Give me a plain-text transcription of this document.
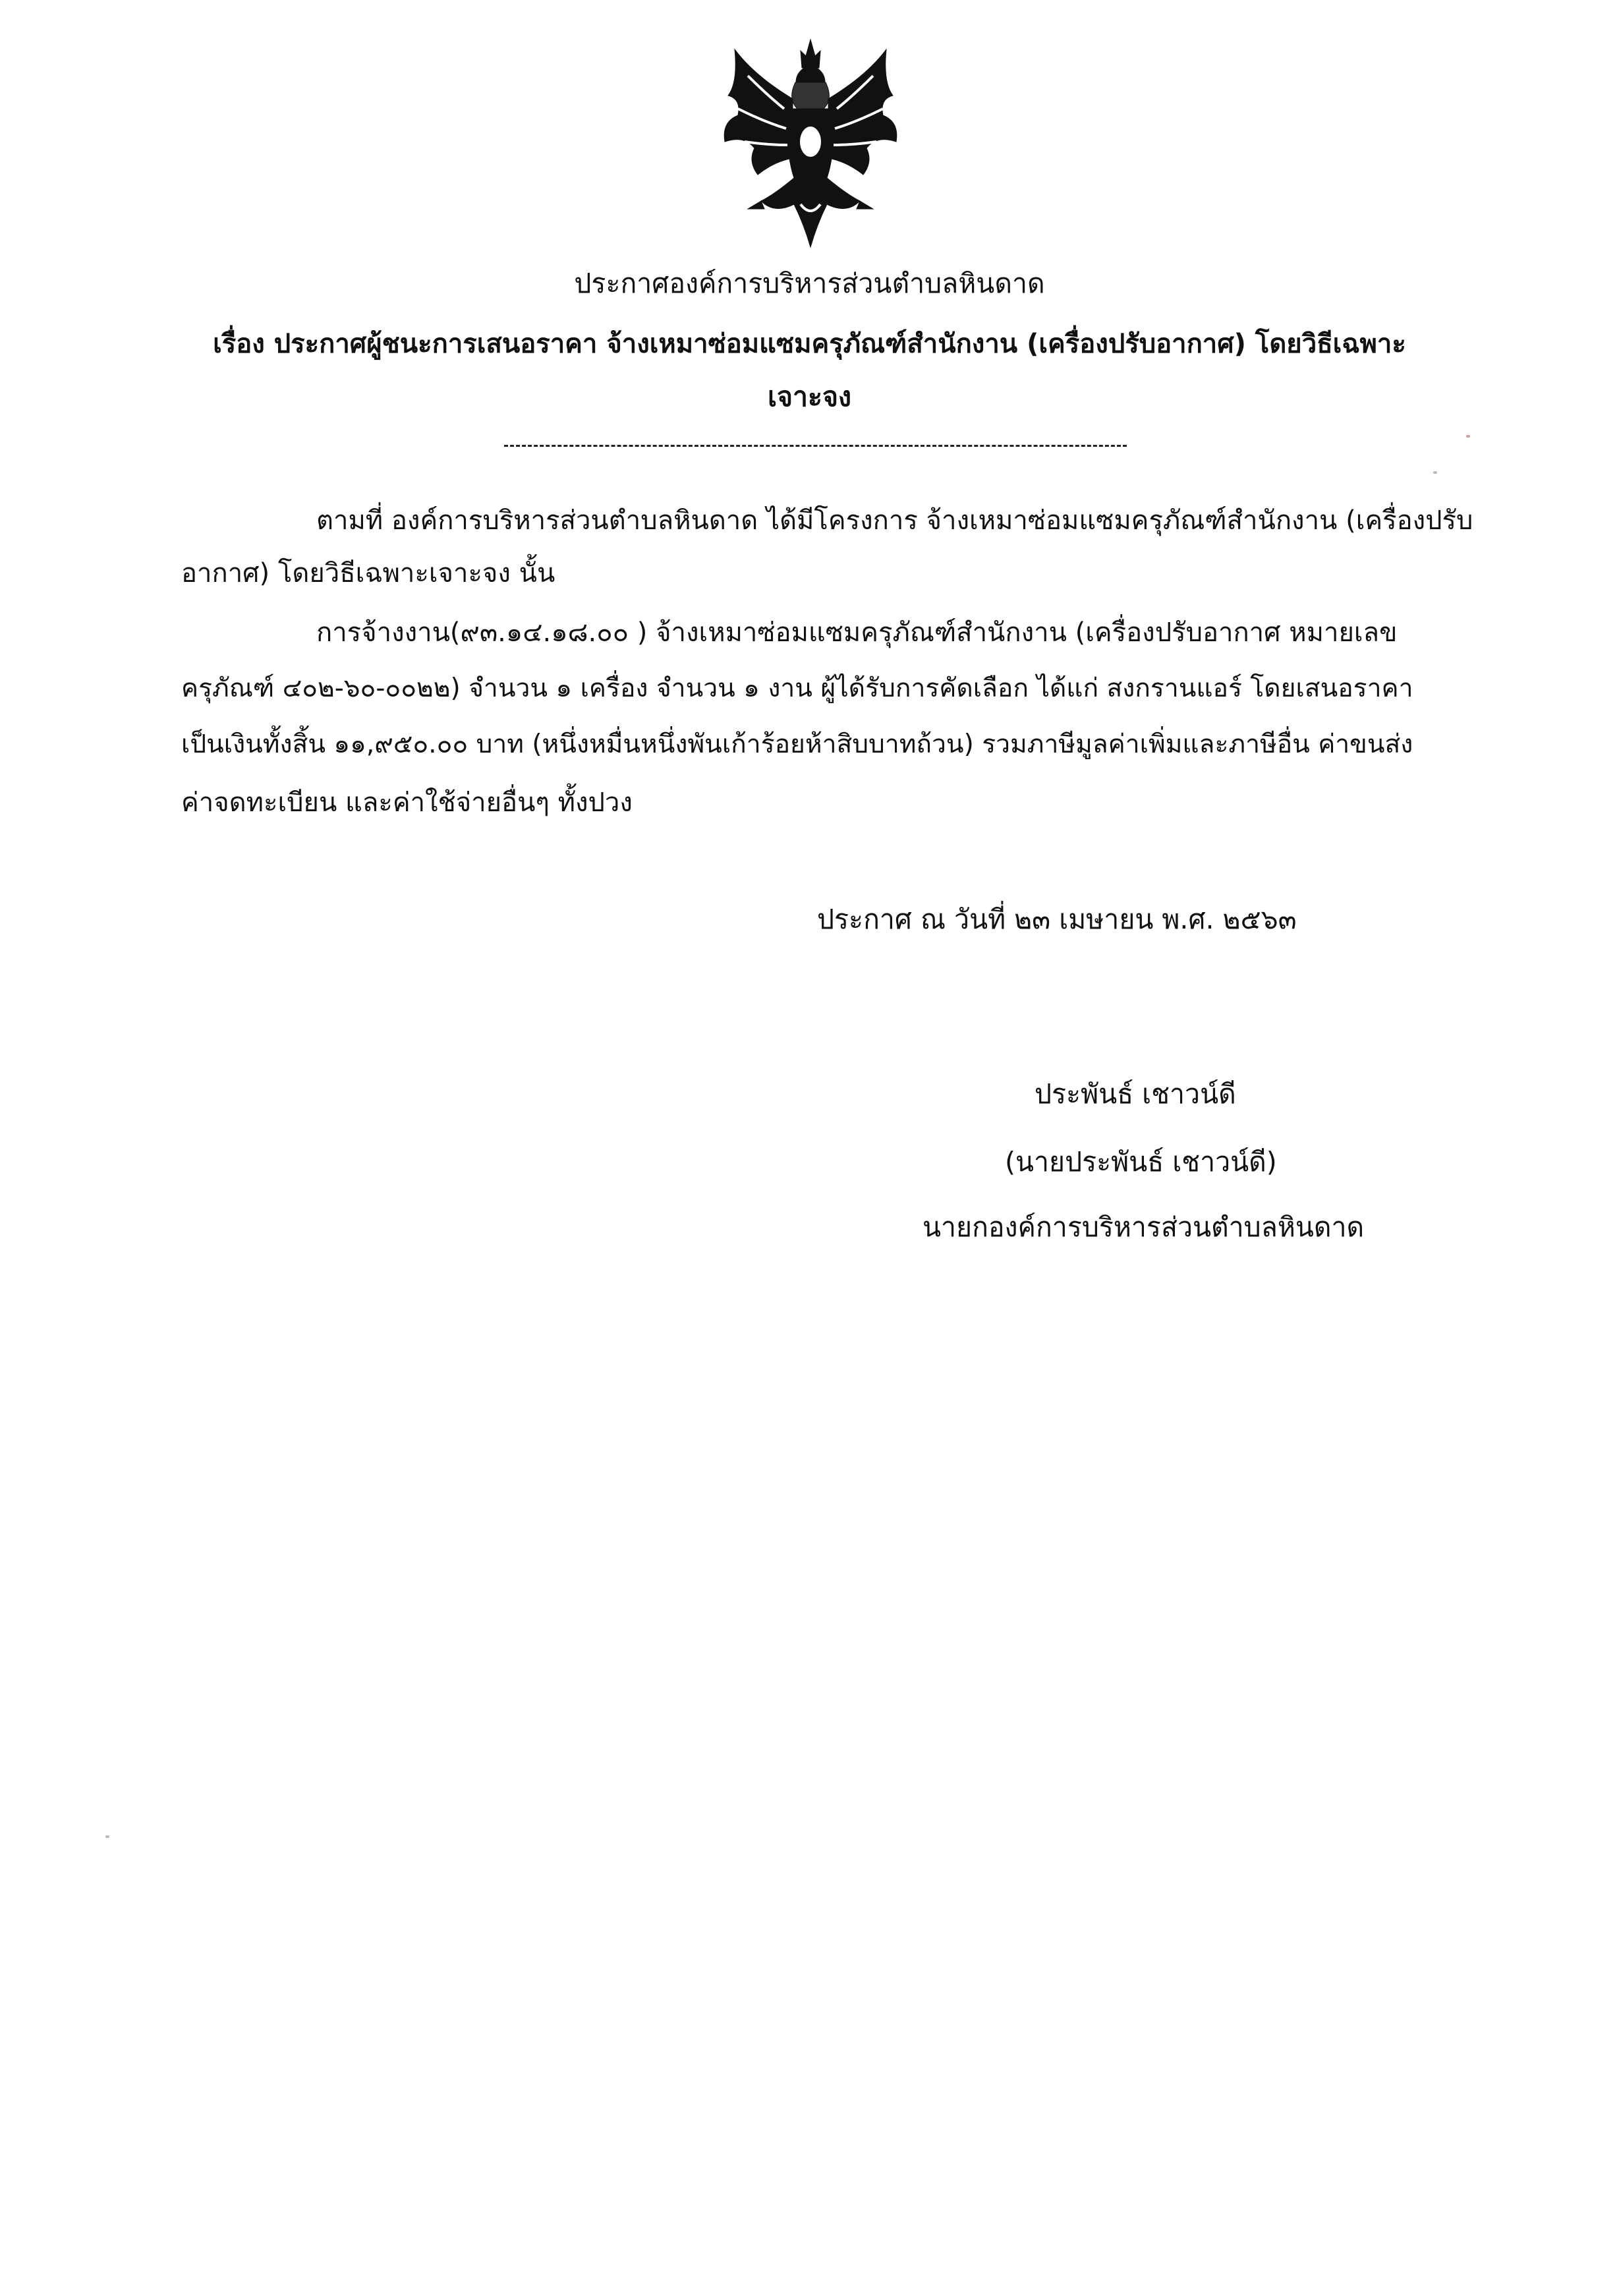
ประกาศองค์การบริหารส่วนตำบลหินดาด
เรื่อง ประกาศผู้ชนะการเสนอราคา จ้างเหมาซ่อมแซมครุภัณฑ์สำนักงาน (เครื่องปรับอากาศ) โดยวิธีเฉพาะ
เจาะจง
ตามที่ องค์การบริหารส่วนตำบลหินดาด ได้มีโครงการ จ้างเหมาซ่อมแซมครุภัณฑ์สำนักงาน (เครื่องปรับ
อากาศ) โดยวิธีเฉพาะเจาะจง นั้น
การจ้างงาน(๙๓.๑๔.๑๘.๐๐ ) จ้างเหมาซ่อมแซมครุภัณฑ์สำนักงาน (เครื่องปรับอากาศ หมายเลข
ครุภัณฑ์ ๔๐๒-๖๐-๐๐๒๒) จำนวน ๑ เครื่อง จำนวน ๑ งาน ผู้ได้รับการคัดเลือก ได้แก่ สงกรานแอร์ โดยเสนอราคา
เป็นเงินทั้งสิ้น ๑๑,๙๕๐.๐๐ บาท (หนึ่งหมื่นหนึ่งพันเก้าร้อยห้าสิบบาทถ้วน) รวมภาษีมูลค่าเพิ่มและภาษีอื่น ค่าขนส่ง
ค่าจดทะเบียน และค่าใช้จ่ายอื่นๆ ทั้งปวง
ประกาศ ณ วันที่ ๒๓ เมษายน พ.ศ. ๒๕๖๓
ประพันธ์ เชาวน์ดี
(นายประพันธ์ เชาวน์ดี)
นายกองค์การบริหารส่วนตำบลหินดาด
